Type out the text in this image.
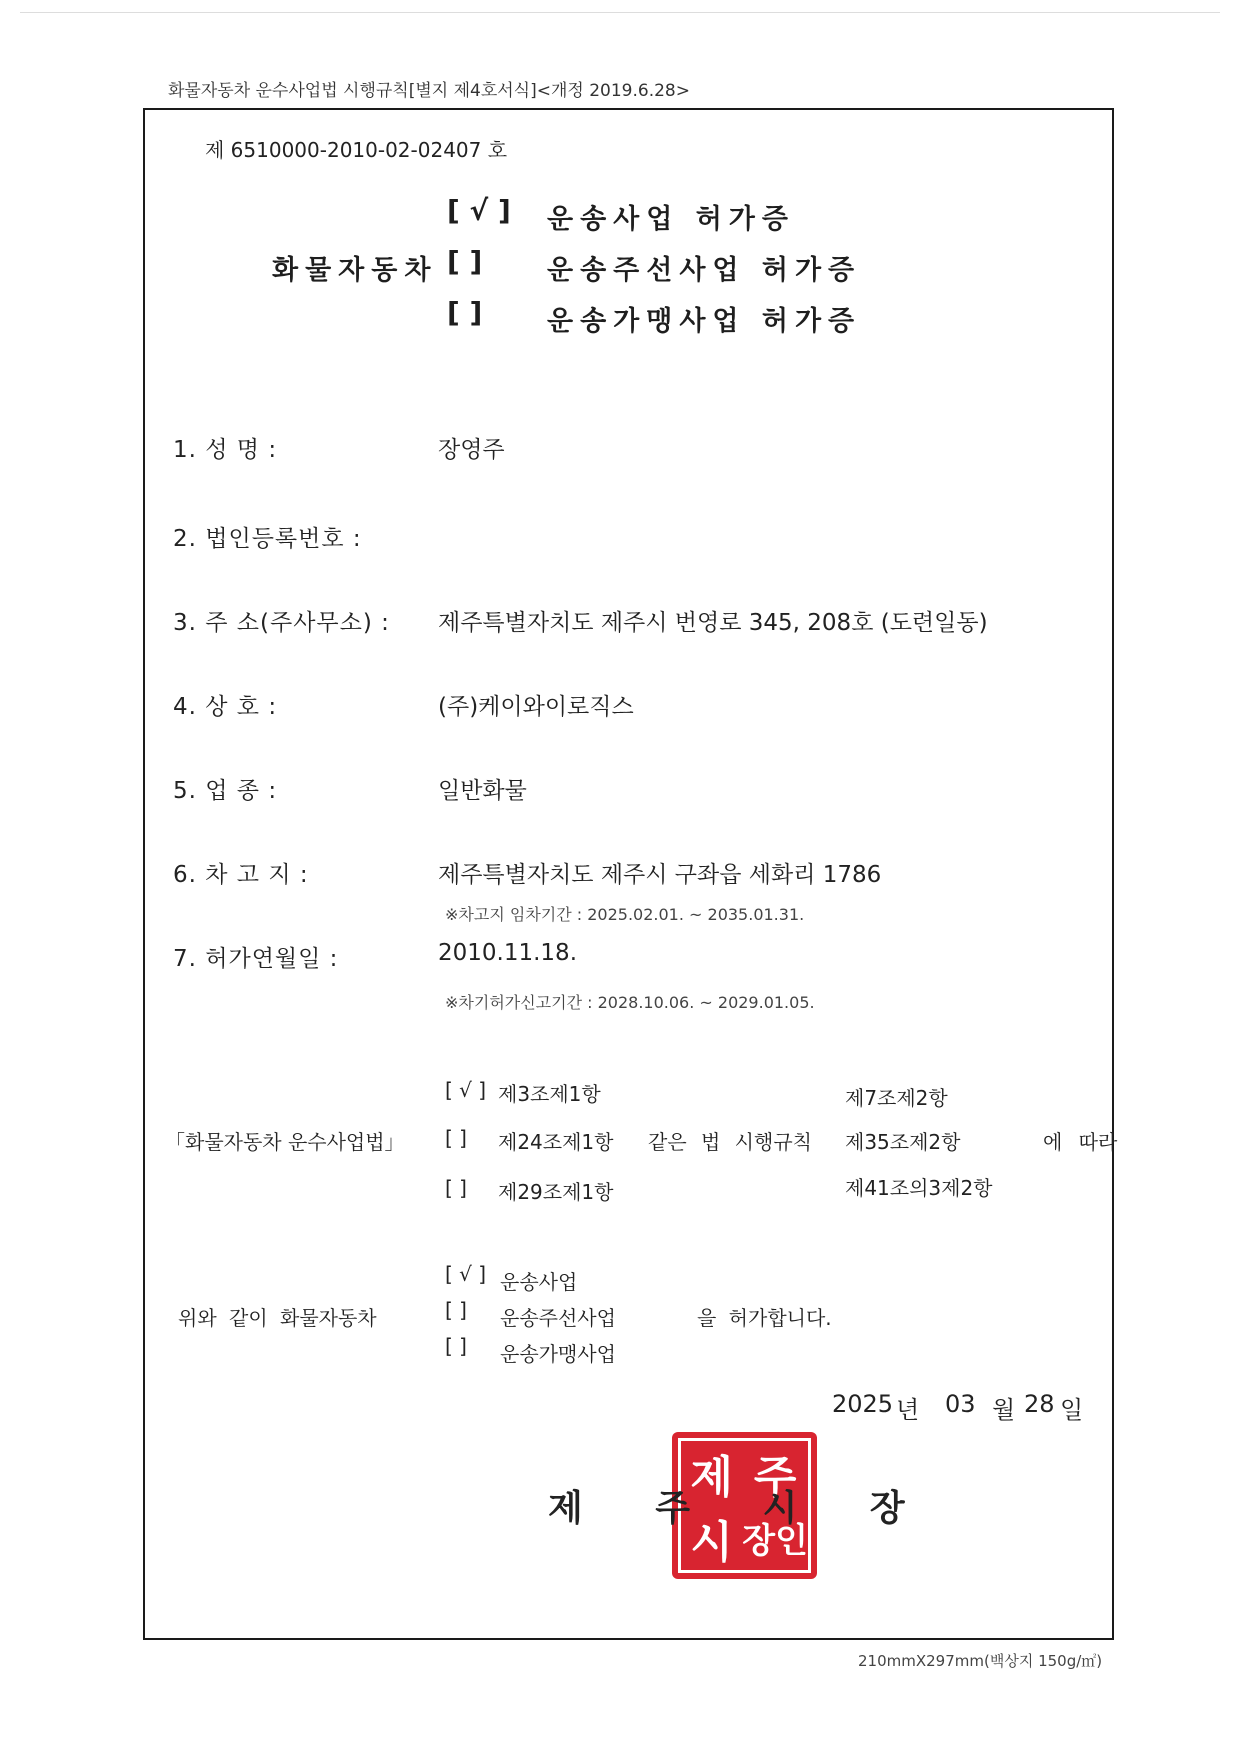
화물자동차 운수사업법 시행규칙[별지 제4호서식]<개정 2019.6.28>
제 6510000-2010-02-02407 호
화물자동차
[ √ ] 운송사업 허가증
[ ] 운송주선사업 허가증
[ ] 운송가맹사업 허가증
1. 성 명 :	장영주
2. 법인등록번호 :
3. 주 소(주사무소) : 제주특별자치도 제주시 번영로 345, 208호 (도련일동)
4. 상 호 :	(주)케이와이로직스
5. 업 종 :	일반화물
6. 차 고 지 :	제주특별자치도 제주시 구좌읍 세화리 1786
※차고지 임차기간 : 2025.02.01. ~ 2035.01.31.
7. 허가연월일 :	2010.11.18.
※차기허가신고기간 : 2028.10.06. ~ 2029.01.05.
[ √ ] 제3조제1항	제7조제2항
「화물자동차 운수사업법」 [ ] 제24조제1항 같은 법 시행규칙 제35조제2항	에 따라
[ ] 제29조제1항	제41조의3제2항
[ √ ] 운송사업
위와 같이 화물자동차	[ ] 운송주선사업	을 허가합니다.
[ ] 운송가맹사업
2025 년 03 월 28 일
제 주
시 장 인
제 주 시 장
210mmX297mm(백상지 150g/㎡)
